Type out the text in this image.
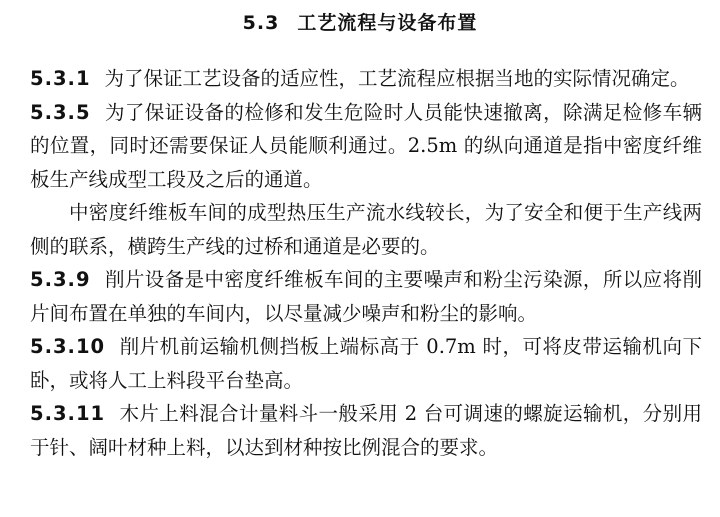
5.3 工艺流程与设备布置

5.3.1 为了保证工艺设备的适应性，工艺流程应根据当地的实际情况确定。

5.3.5 为了保证设备的检修和发生危险时人员能快速撤离，除满足检修车辆的位置，同时还需要保证人员能顺利通过。2.5m 的纵向通道是指中密度纤维板生产线成型工段及之后的通道。

中密度纤维板车间的成型热压生产流水线较长，为了安全和便于生产线两侧的联系，横跨生产线的过桥和通道是必要的。

5.3.9 削片设备是中密度纤维板车间的主要噪声和粉尘污染源，所以应将削片间布置在单独的车间内，以尽量减少噪声和粉尘的影响。

5.3.10 削片机前运输机侧挡板上端标高于 0.7m 时，可将皮带运输机向下卧，或将人工上料段平台垫高。

5.3.11 木片上料混合计量料斗一般采用 2 台可调速的螺旋运输机，分别用于针、阔叶材种上料，以达到材种按比例混合的要求。
